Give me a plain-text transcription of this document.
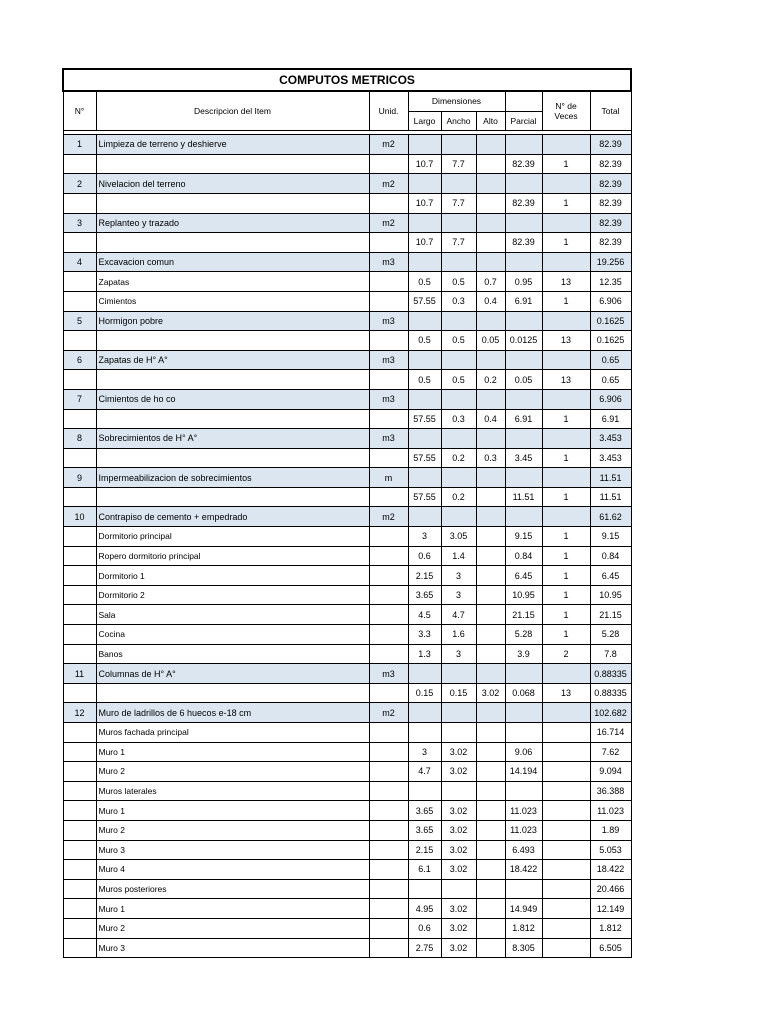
COMPUTOS METRICOS								
N°	Descripcion del Item	Unid.	Dimensiones				N° de Veces	Total
			Largo	Ancho	Alto	Parcial		

1	Limpieza de terreno y deshierve	m2						82.39
			10.7	7.7		82.39	1	82.39
2	Nivelacion del terreno	m2						82.39
			10.7	7.7		82.39	1	82.39
3	Replanteo y trazado	m2						82.39
			10.7	7.7		82.39	1	82.39
4	Excavacion comun	m3						19.256
	Zapatas		0.5	0.5	0.7	0.95	13	12.35
	Cimientos		57.55	0.3	0.4	6.91	1	6.906
5	Hormigon pobre	m3						0.1625
			0.5	0.5	0.05	0.0125	13	0.1625
6	Zapatas de H° A°	m3						0.65
			0.5	0.5	0.2	0.05	13	0.65
7	Cimientos de ho co	m3						6.906
			57.55	0.3	0.4	6.91	1	6.91
8	Sobrecimientos de H° A°	m3						3.453
			57.55	0.2	0.3	3.45	1	3.453
9	Impermeabilizacion de sobrecimientos	m						11.51
			57.55	0.2		11.51	1	11.51
10	Contrapiso de cemento + empedrado	m2						61.62
	Dormitorio principal		3	3.05		9.15	1	9.15
	Ropero dormitorio principal		0.6	1.4		0.84	1	0.84
	Dormitorio 1		2.15	3		6.45	1	6.45
	Dormitorio 2		3.65	3		10.95	1	10.95
	Sala		4.5	4.7		21.15	1	21.15
	Cocina		3.3	1.6		5.28	1	5.28
	Banos		1.3	3		3.9	2	7.8
11	Columnas de H° A°	m3						0.88335
			0.15	0.15	3.02	0.068	13	0.88335
12	Muro de ladrillos de 6 huecos e-18 cm	m2						102.682
	Muros fachada principal							16.714
	Muro 1		3	3.02		9.06		7.62
	Muro 2		4.7	3.02		14.194		9.094
	Muros laterales							36.388
	Muro 1		3.65	3.02		11.023		11.023
	Muro 2		3.65	3.02		11.023		1.89
	Muro 3		2.15	3.02		6.493		5.053
	Muro 4		6.1	3.02		18.422		18.422
	Muros posteriores							20.466
	Muro 1		4.95	3.02		14.949		12.149
	Muro 2		0.6	3.02		1.812		1.812
	Muro 3		2.75	3.02		8.305		6.505
